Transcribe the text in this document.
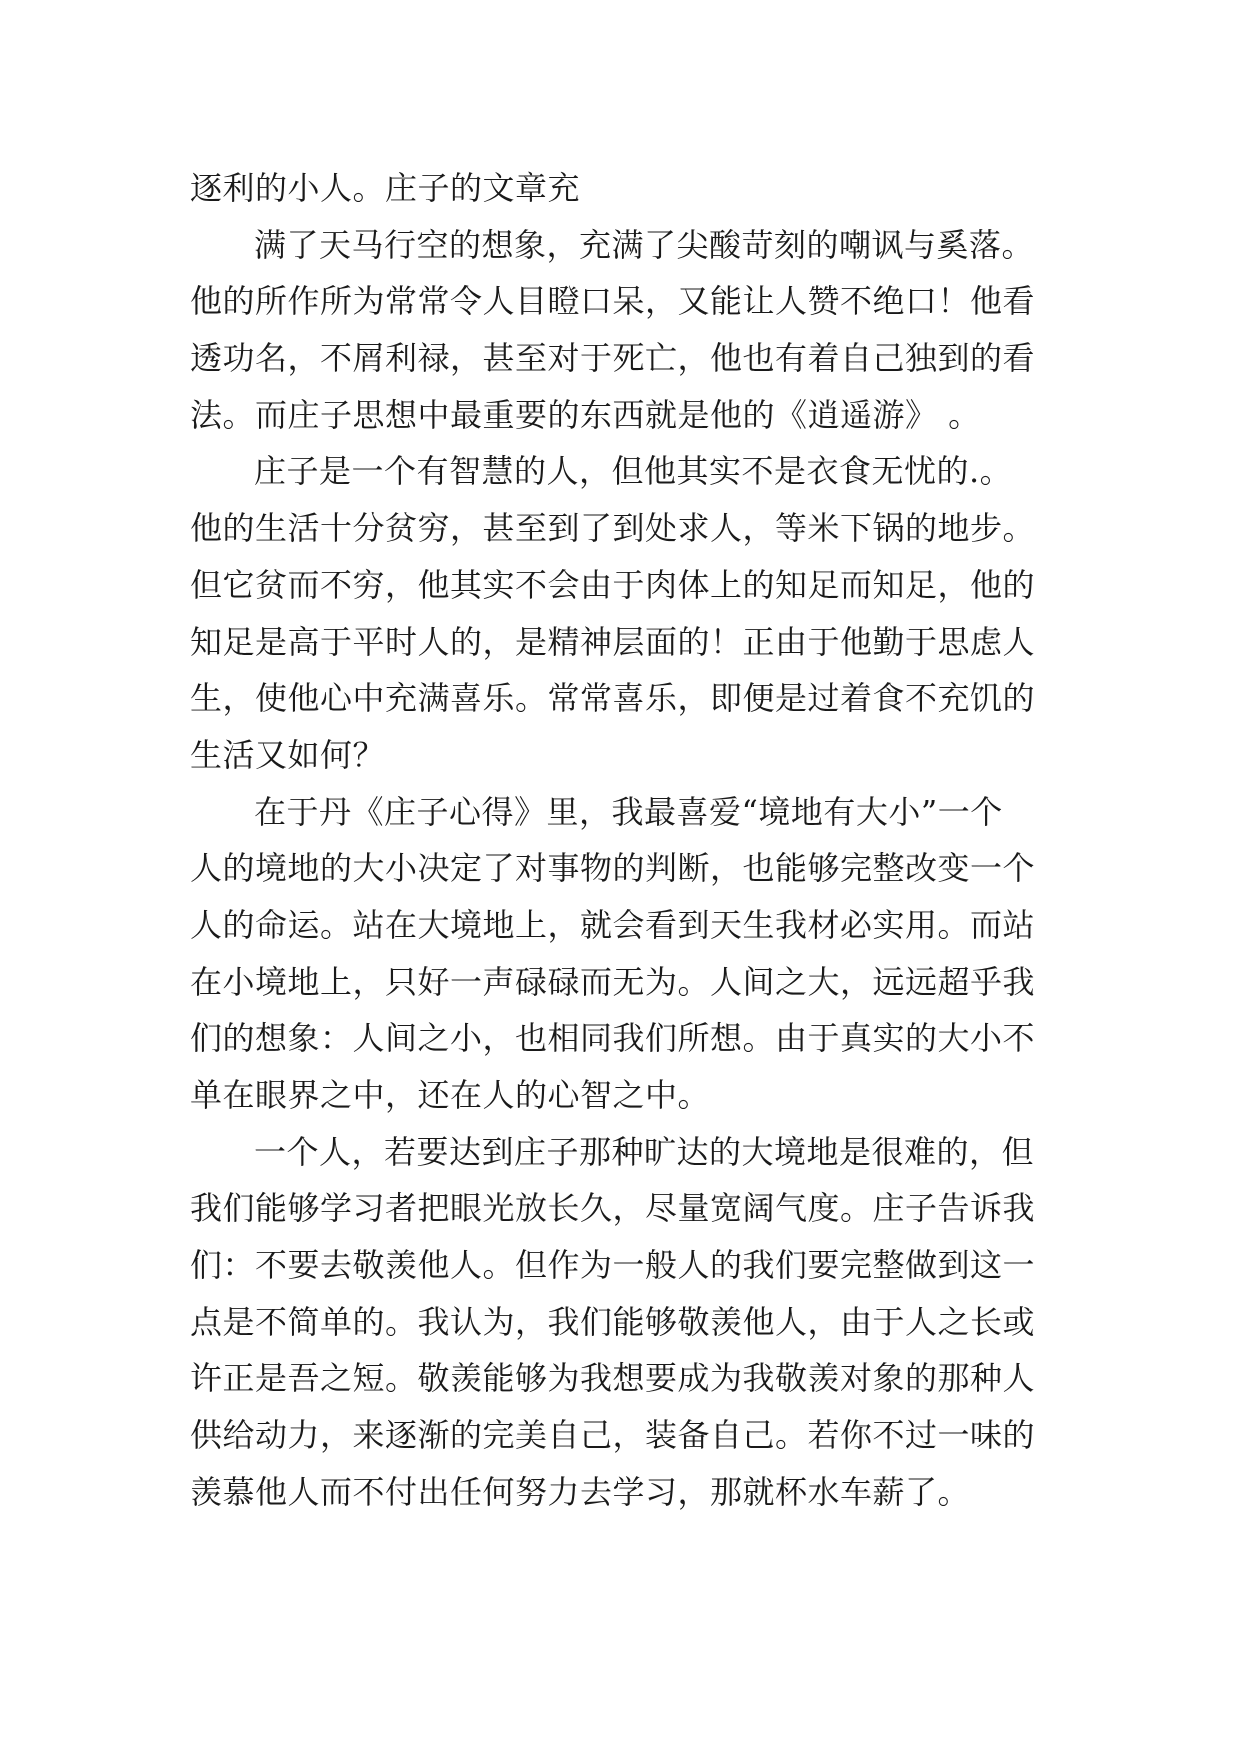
逐利的小人。庄子的文章充
满了天马行空的想象，充满了尖酸苛刻的嘲讽与奚落。
他的所作所为常常令人目瞪口呆，又能让人赞不绝口！他看
透功名，不屑利禄，甚至对于死亡，他也有着自己独到的看
法。而庄子思想中最重要的东西就是他的《逍遥游》 。
庄子是一个有智慧的人，但他其实不是衣食无忧的.。
他的生活十分贫穷，甚至到了到处求人，等米下锅的地步。
但它贫而不穷，他其实不会由于肉体上的知足而知足，他的
知足是高于平时人的，是精神层面的！正由于他勤于思虑人
生，使他心中充满喜乐。常常喜乐，即便是过着食不充饥的
生活又如何？
在于丹《庄子心得》里，我最喜爱“境地有大小”一个
人的境地的大小决定了对事物的判断，也能够完整改变一个
人的命运。站在大境地上，就会看到天生我材必实用。而站
在小境地上，只好一声碌碌而无为。人间之大，远远超乎我
们的想象：人间之小，也相同我们所想。由于真实的大小不
单在眼界之中，还在人的心智之中。
一个人，若要达到庄子那种旷达的大境地是很难的，但
我们能够学习者把眼光放长久，尽量宽阔气度。庄子告诉我
们：不要去敬羡他人。但作为一般人的我们要完整做到这一
点是不简单的。我认为，我们能够敬羡他人，由于人之长或
许正是吾之短。敬羡能够为我想要成为我敬羡对象的那种人
供给动力，来逐渐的完美自己，装备自己。若你不过一味的
羡慕他人而不付出任何努力去学习，那就杯水车薪了。
